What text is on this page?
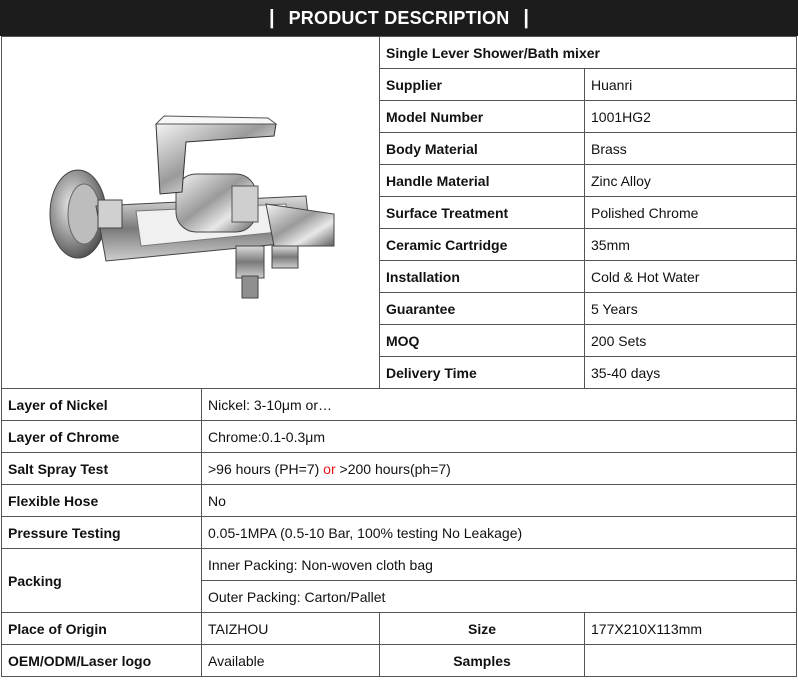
| PRODUCT DESCRIPTION |
	Single Lever Shower/Bath mixer	
		Supplier	Huanri
		Model Number	1001HG2
		Body Material	Brass
		Handle Material	Zinc Alloy
		Surface Treatment	Polished Chrome
		Ceramic Cartridge	35mm
		Installation	Cold & Hot Water
		Guarantee	5 Years
		MOQ	200 Sets
		Delivery Time	35-40 days
Layer of Nickel	Nickel: 3-10μm or…		
Layer of Chrome	Chrome:0.1-0.3μm		
Salt Spray Test	>96 hours (PH=7) or >200 hours(ph=7)		
Flexible Hose	No		
Pressure Testing	0.05-1MPA (0.5-10 Bar, 100% testing No Leakage)		
Packing	Inner Packing: Non-woven cloth bag		
	Outer Packing: Carton/Pallet		
Place of Origin	TAIZHOU	Size	177X210X113mm
OEM/ODM/Laser logo	Available	Samples	
